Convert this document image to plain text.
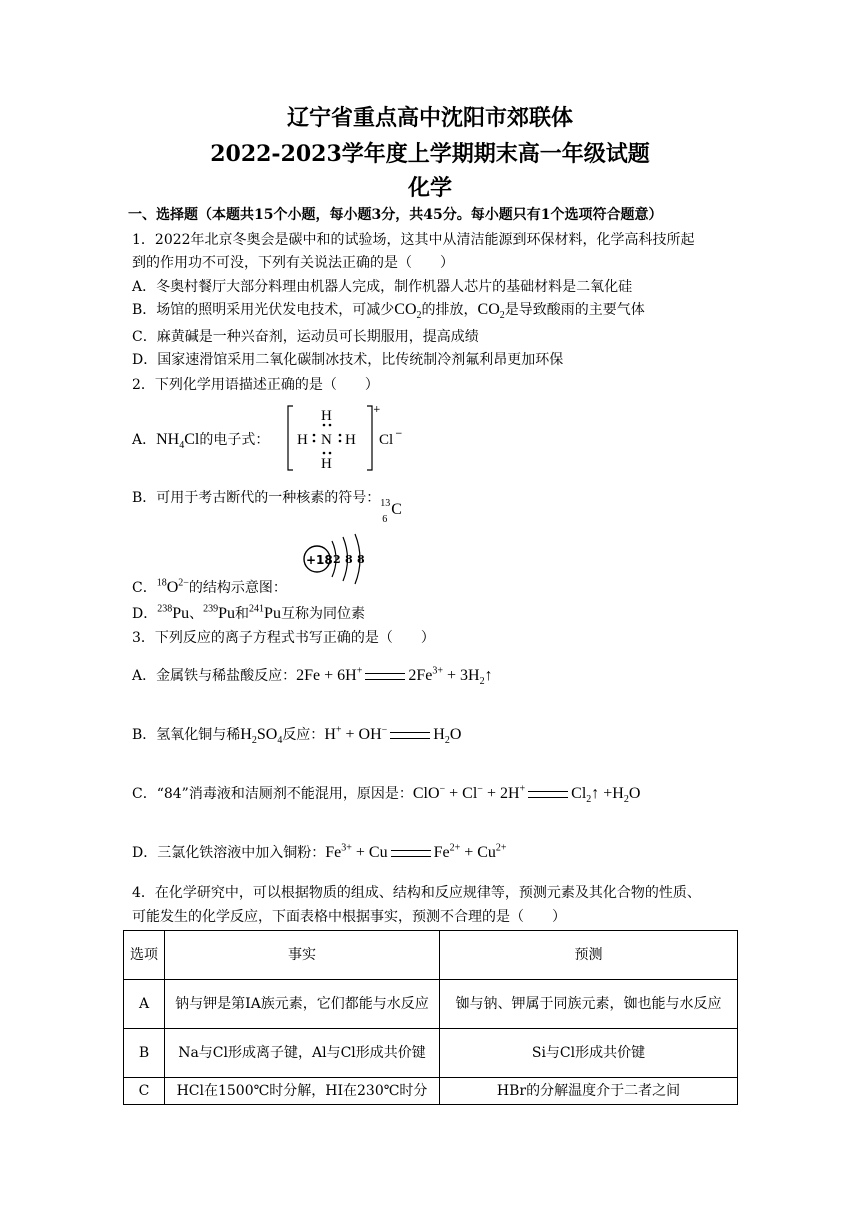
辽宁省重点高中沈阳市郊联体
2022-2023学年度上学期期末高一年级试题
化学
一、选择题（本题共15个小题，每小题3分，共45分。每小题只有1个选项符合题意）
1．2022年北京冬奥会是碳中和的试验场，这其中从清洁能源到环保材料，化学高科技所起
到的作用功不可没，下列有关说法正确的是（　　）
A．冬奥村餐厅大部分料理由机器人完成，制作机器人芯片的基础材料是二氧化硅
B．场馆的照明采用光伏发电技术，可减少$CO_2$的排放，$CO_2$是导致酸雨的主要气体
C．麻黄碱是一种兴奋剂，运动员可长期服用，提高成绩
D．国家速滑馆采用二氧化碳制冰技术，比传统制冷剂氟利昂更加环保
2．下列化学用语描述正确的是（　　）
A．$NH_4Cl$的电子式：
H
H N H
H
+
Cl −
B．可用于考古断代的一种核素的符号： 13
6
C
+18 2 8 8
C．$^{18}O^{2-}$的结构示意图：
D．$^{238}$Pu、$^{239}$Pu和$^{241}$Pu互称为同位素
3．下列反应的离子方程式书写正确的是（　　）
A．金属铁与稀盐酸反应：2Fe + 6H+	$2Fe^{3+}$ + $3H_2↑$
B．氢氧化铜与稀$H_2SO_4$反应：H+ + OH−	$H_2O$
C．“84”消毒液和洁厕剂不能混用，原因是：ClO− + Cl− + 2H+	$Cl_2↑ +H_2O$
D．三氯化铁溶液中加入铜粉：$Fe^{3+} + Cu$	$Fe^{2+} + Cu^{2+}$
4．在化学研究中，可以根据物质的组成、结构和反应规律等，预测元素及其化合物的性质、
可能发生的化学反应，下面表格中根据事实，预测不合理的是（　　）
选项	事实	预测
A	钠与钾是第ⅠA族元素，它们都能与水反应	铷与钠、钾属于同族元素，铷也能与水反应
B	Na与Cl形成离子键，Al与Cl形成共价键	Si与Cl形成共价键
C	HCl在1500℃时分解，HI在230℃时分	HBr的分解温度介于二者之间
